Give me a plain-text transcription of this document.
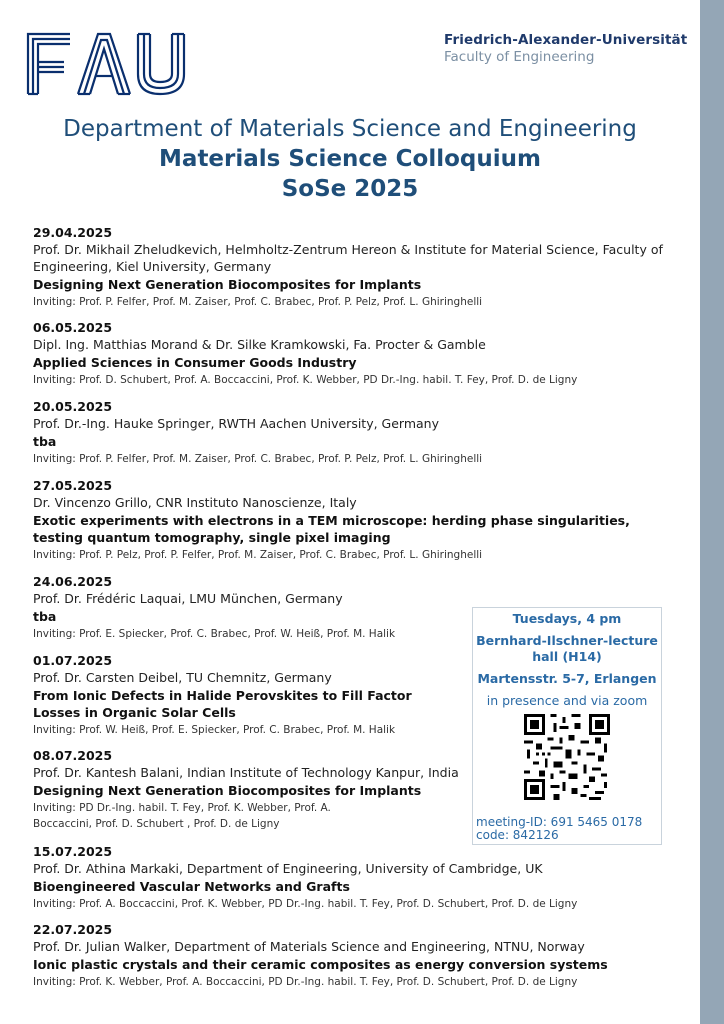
Friedrich-Alexander-Universität
Faculty of Engineering
Department of Materials Science and Engineering
Materials Science Colloquium
SoSe 2025
29.04.2025
Prof. Dr. Mikhail Zheludkevich, Helmholtz-Zentrum Hereon & Institute for Material Science, Faculty of Engineering, Kiel University, Germany
Designing Next Generation Biocomposites for Implants
Inviting: Prof. P. Felfer, Prof. M. Zaiser, Prof. C. Brabec, Prof. P. Pelz, Prof. L. Ghiringhelli
06.05.2025
Dipl. Ing. Matthias Morand & Dr. Silke Kramkowski, Fa. Procter & Gamble
Applied Sciences in Consumer Goods Industry
Inviting: Prof. D. Schubert, Prof. A. Boccaccini, Prof. K. Webber, PD Dr.-Ing. habil. T. Fey, Prof. D. de Ligny
20.05.2025
Prof. Dr.-Ing. Hauke Springer, RWTH Aachen University, Germany
tba
Inviting: Prof. P. Felfer, Prof. M. Zaiser, Prof. C. Brabec, Prof. P. Pelz, Prof. L. Ghiringhelli
27.05.2025
Dr. Vincenzo Grillo, CNR Instituto Nanoscienze, Italy
Exotic experiments with electrons in a TEM microscope: herding phase singularities, testing quantum tomography, single pixel imaging
Inviting: Prof. P. Pelz, Prof. P. Felfer, Prof. M. Zaiser, Prof. C. Brabec, Prof. L. Ghiringhelli
24.06.2025
Prof. Dr. Frédéric Laquai, LMU München, Germany
tba
Inviting: Prof. E. Spiecker, Prof. C. Brabec, Prof. W. Heiß, Prof. M. Halik
01.07.2025
Prof. Dr. Carsten Deibel, TU Chemnitz, Germany
From Ionic Defects in Halide Perovskites to Fill Factor Losses in Organic Solar Cells
Inviting: Prof. W. Heiß, Prof. E. Spiecker, Prof. C. Brabec, Prof. M. Halik
08.07.2025
Prof. Dr. Kantesh Balani, Indian Institute of Technology Kanpur, India
Designing Next Generation Biocomposites for Implants
Inviting: PD Dr.-Ing. habil. T. Fey, Prof. K. Webber, Prof. A. Boccaccini, Prof. D. Schubert , Prof. D. de Ligny
15.07.2025
Prof. Dr. Athina Markaki, Department of Engineering, University of Cambridge, UK
Bioengineered Vascular Networks and Grafts
Inviting: Prof. A. Boccaccini, Prof. K. Webber, PD Dr.-Ing. habil. T. Fey, Prof. D. Schubert, Prof. D. de Ligny
22.07.2025
Prof. Dr. Julian Walker, Department of Materials Science and Engineering, NTNU, Norway
Ionic plastic crystals and their ceramic composites as energy conversion systems
Inviting: Prof. K. Webber, Prof. A. Boccaccini, PD Dr.-Ing. habil. T. Fey, Prof. D. Schubert, Prof. D. de Ligny
Tuesdays, 4 pm
Bernhard-Ilschner-lecture hall (H14)
Martensstr. 5-7, Erlangen
in presence and via zoom
meeting-ID: 691 5465 0178
code: 842126
